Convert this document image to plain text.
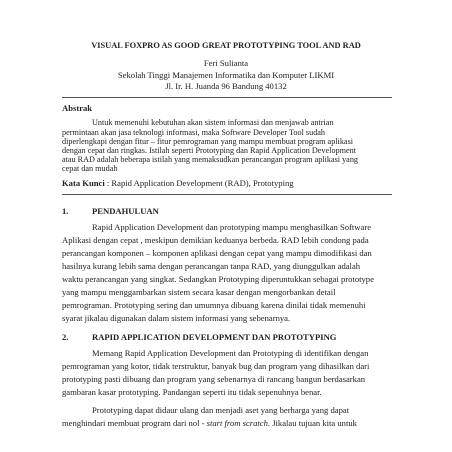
VISUAL FOXPRO AS GOOD GREAT PROTOTYPING TOOL AND RAD
Feri Sulianta
Sekolah Tinggi Manajemen Informatika dan Komputer LIKMI
Jl. Ir. H. Juanda 96 Bandung 40132
Abstrak
Untuk memenuhi kebutuhan akan sistem informasi dan menjawab antrian
permintaan akan jasa teknologi informasi, maka Software Developer Tool sudah
diperlengkapi dengan fitur – fitur pemrograman yang mampu membuat program aplikasi
dengan cepat dan ringkas. Istilah seperti Prototyping dan Rapid Application Development
atau RAD adalah beberapa istilah yang memaksudkan perancangan program aplikasi yang
cepat dan mudah
Kata Kunci : Rapid Application Development (RAD), Prototyping
1.	PENDAHULUAN
Rapid Application Development dan prototyping mampu menghasilkan Software
Aplikasi dengan cepat , meskipun demikian keduanya berbeda. RAD lebih condong pada
perancangan komponen – komponen aplikasi dengan cepat yang mampu dimodifikasi dan
hasilnya kurang lebih sama dengan perancangan tanpa RAD, yang diunggulkan adalah
waktu perancangan yang singkat. Sedangkan Prototyping diperuntukkan sebagai prototype
yang mampu menggambarkan sistem secara kasar dengan mengorbankan detail
pemrograman. Prototyping sering dan umumnya dibuang karena dinilai tidak memenuhi
syarat jikalau digunakan dalam sistem informasi yang sebenarnya.
2.	RAPID APPLICATION DEVELOPMENT DAN PROTOTYPING
Memang Rapid Application Development dan Prototyping di identifikan dengan
pemrograman yang kotor, tidak terstruktur, banyak bug dan program yang dihasilkan dari
prototyping pasti dibuang dan program yang sebenarnya di rancang bangun berdasarkan
gambaran kasar prototyping. Pandangan seperti itu tidak sepenuhnya benar.
Prototyping dapat didaur ulang dan menjadi aset yang berharga yang dapat
menghindari membuat program dari nol - start from scratch. Jikalau tujuan kita untuk
